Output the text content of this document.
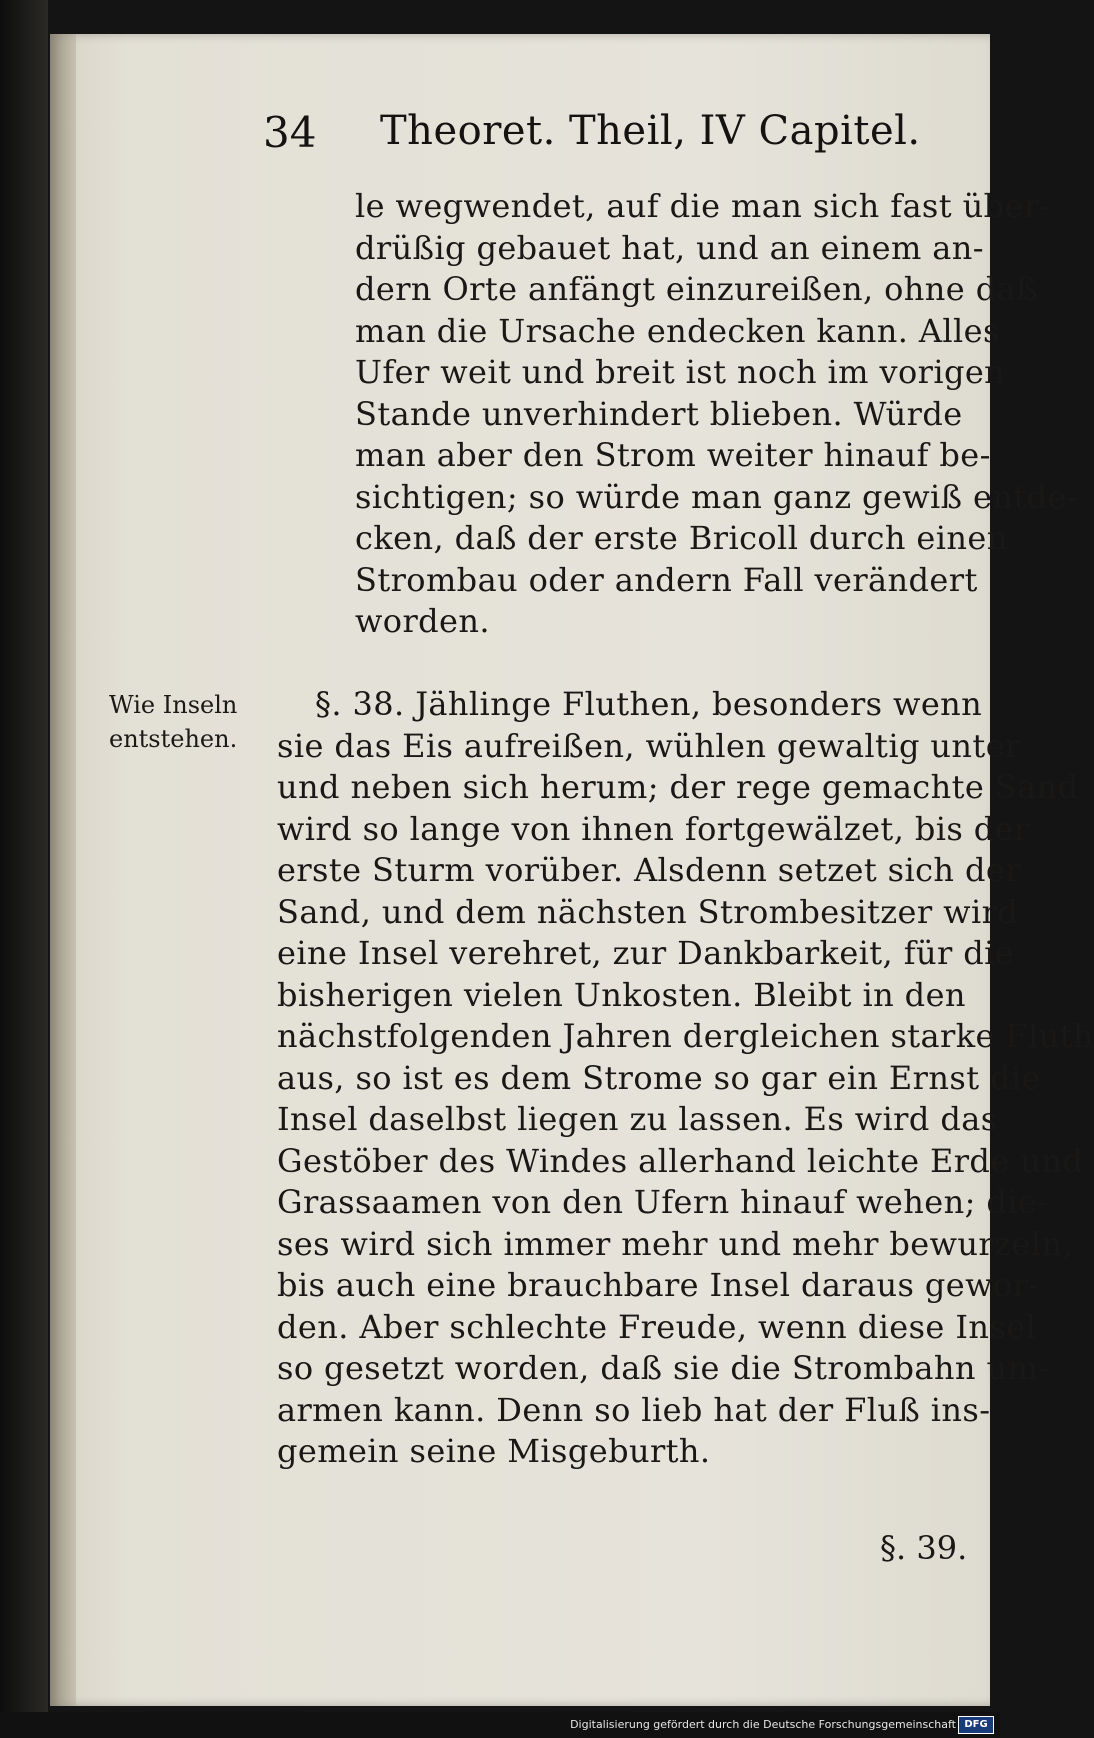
34 Theoret. Theil, IV Capitel.
le wegwendet, auf die man sich fast über-
drüßig gebauet hat, und an einem an-
dern Orte anfängt einzureißen, ohne daß
man die Ursache endecken kann. Alles
Ufer weit und breit ist noch im vorigen
Stande unverhindert blieben. Würde
man aber den Strom weiter hinauf be-
sichtigen; so würde man ganz gewiß entde-
cken, daß der erste Bricoll durch einen
Strombau oder andern Fall verändert
worden.
Wie Inseln
entstehen.
§. 38. Jählinge Fluthen, besonders wenn
sie das Eis aufreißen, wühlen gewaltig unter
und neben sich herum; der rege gemachte Sand
wird so lange von ihnen fortgewälzet, bis der
erste Sturm vorüber. Alsdenn setzet sich der
Sand, und dem nächsten Strombesitzer wird
eine Insel verehret, zur Dankbarkeit, für die
bisherigen vielen Unkosten. Bleibt in den
nächstfolgenden Jahren dergleichen starke Fluth
aus, so ist es dem Strome so gar ein Ernst die
Insel daselbst liegen zu lassen. Es wird das
Gestöber des Windes allerhand leichte Erde und
Grassaamen von den Ufern hinauf wehen; die-
ses wird sich immer mehr und mehr bewurzeln,
bis auch eine brauchbare Insel daraus gewor-
den. Aber schlechte Freude, wenn diese Insel
so gesetzt worden, daß sie die Strombahn um-
armen kann. Denn so lieb hat der Fluß ins-
gemein seine Misgeburth.
§. 39.
Digitalisierung gefördert durch die Deutsche Forschungsgemeinschaft DFG
